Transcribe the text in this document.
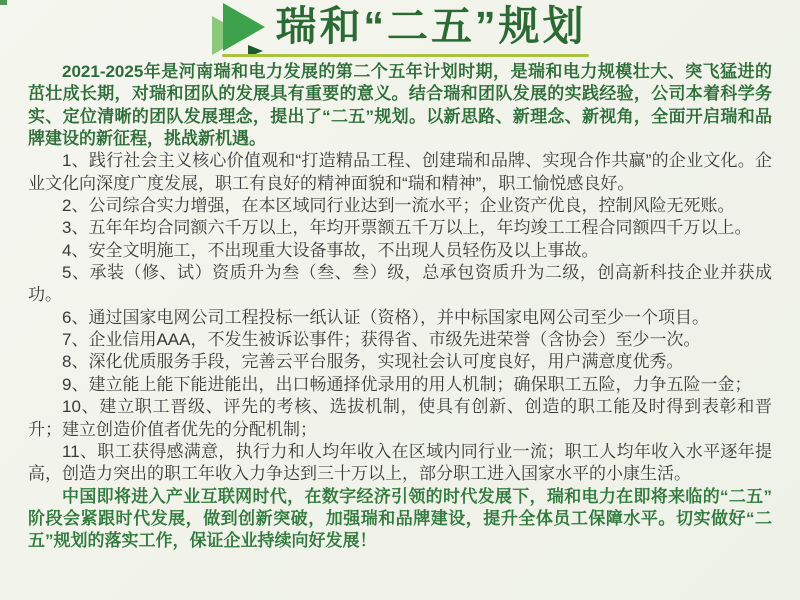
瑞和“二五”规划

2021-2025年是河南瑞和电力发展的第二个五年计划时期，是瑞和电力规模壮大、突飞猛进的茁壮成长期，对瑞和团队的发展具有重要的意义。结合瑞和团队发展的实践经验，公司本着科学务实、定位清晰的团队发展理念，提出了“二五”规划。以新思路、新理念、新视角，全面开启瑞和品牌建设的新征程，挑战新机遇。

1、践行社会主义核心价值观和“打造精品工程、创建瑞和品牌、实现合作共赢”的企业文化。企业文化向深度广度发展，职工有良好的精神面貌和“瑞和精神”，职工愉悦感良好。

2、公司综合实力增强，在本区域同行业达到一流水平；企业资产优良，控制风险无死账。

3、五年年均合同额六千万以上，年均开票额五千万以上，年均竣工工程合同额四千万以上。

4、安全文明施工，不出现重大设备事故，不出现人员轻伤及以上事故。

5、承装（修、试）资质升为叁（叁、叁）级，总承包资质升为二级，创高新科技企业并获成功。

6、通过国家电网公司工程投标一纸认证（资格），并中标国家电网公司至少一个项目。

7、企业信用AAA，不发生被诉讼事件；获得省、市级先进荣誉（含协会）至少一次。

8、深化优质服务手段，完善云平台服务，实现社会认可度良好，用户满意度优秀。

9、建立能上能下能进能出，出口畅通择优录用的用人机制；确保职工五险，力争五险一金；

10、建立职工晋级、评先的考核、选拔机制，使具有创新、创造的职工能及时得到表彰和晋升；建立创造价值者优先的分配机制；

11、职工获得感满意，执行力和人均年收入在区域内同行业一流；职工人均年收入水平逐年提高，创造力突出的职工年收入力争达到三十万以上，部分职工进入国家水平的小康生活。

中国即将进入产业互联网时代，在数字经济引领的时代发展下，瑞和电力在即将来临的“二五”阶段会紧跟时代发展，做到创新突破，加强瑞和品牌建设，提升全体员工保障水平。切实做好“二五”规划的落实工作，保证企业持续向好发展！
